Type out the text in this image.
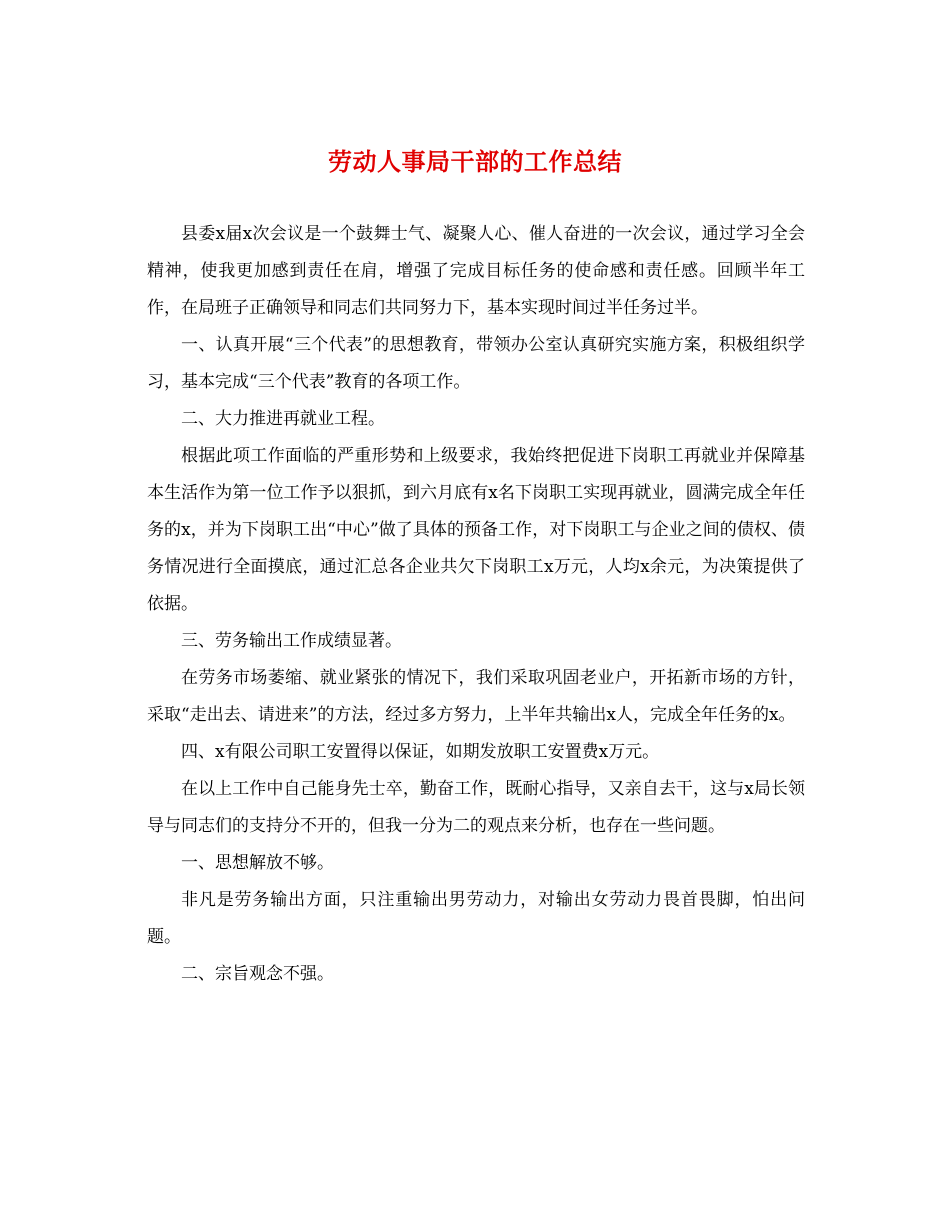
劳动人事局干部的工作总结

县委x届x次会议是一个鼓舞士气、凝聚人心、催人奋进的一次会议，通过学习全会精神，使我更加感到责任在肩，增强了完成目标任务的使命感和责任感。回顾半年工作，在局班子正确领导和同志们共同努力下，基本实现时间过半任务过半。

一、认真开展“三个代表”的思想教育，带领办公室认真研究实施方案，积极组织学习，基本完成“三个代表”教育的各项工作。

二、大力推进再就业工程。

根据此项工作面临的严重形势和上级要求，我始终把促进下岗职工再就业并保障基本生活作为第一位工作予以狠抓，到六月底有x名下岗职工实现再就业，圆满完成全年任务的x，并为下岗职工出“中心”做了具体的预备工作，对下岗职工与企业之间的债权、债务情况进行全面摸底，通过汇总各企业共欠下岗职工x万元，人均x余元，为决策提供了依据。

三、劳务输出工作成绩显著。

在劳务市场萎缩、就业紧张的情况下，我们采取巩固老业户，开拓新市场的方针，采取“走出去、请进来”的方法，经过多方努力，上半年共输出x人，完成全年任务的x。

四、x有限公司职工安置得以保证，如期发放职工安置费x万元。

在以上工作中自己能身先士卒，勤奋工作，既耐心指导，又亲自去干，这与x局长领导与同志们的支持分不开的，但我一分为二的观点来分析，也存在一些问题。

一、思想解放不够。

非凡是劳务输出方面，只注重输出男劳动力，对输出女劳动力畏首畏脚，怕出问题。

二、宗旨观念不强。
